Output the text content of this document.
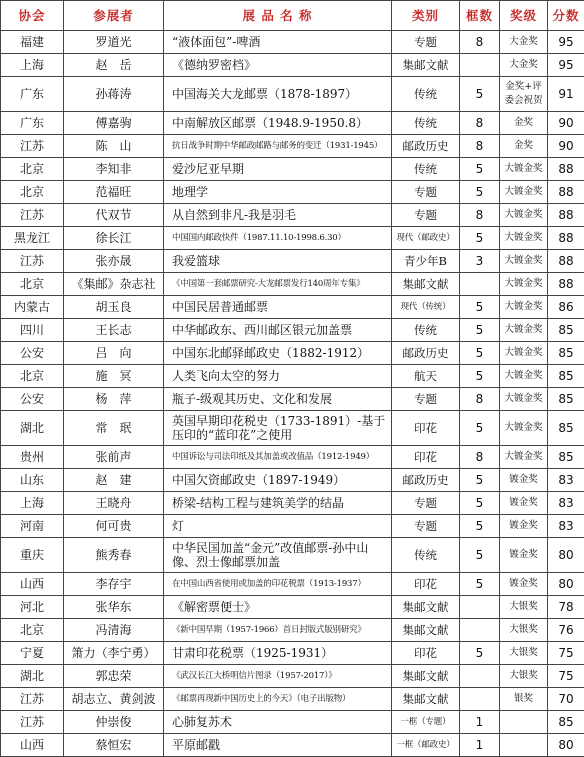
协会	参展者	展 品 名 称	类别	框数	奖级	分数
福建	罗道光	“液体面包”-啤酒	专题	8	大金奖	95
上海	赵　岳	《德纳罗密档》	集邮文献		大金奖	95
广东	孙蒋涛	中国海关大龙邮票（1878-1897）	传统	5	金奖+评委会祝贺	91
广东	傅嘉驹	中南解放区邮票（1948.9-1950.8）	传统	8	金奖	90
江苏	陈　山	抗日战争时期中华邮政邮路与邮务的变迁（1931-1945）	邮政历史	8	金奖	90
北京	李知非	爱沙尼亚早期	传统	5	大镀金奖	88
北京	范福旺	地理学	专题	5	大镀金奖	88
江苏	代双节	从自然到非凡-我是羽毛	专题	8	大镀金奖	88
黑龙江	徐长江	中国国内邮政快件（1987.11.10-1998.6.30）	现代（邮政史）	5	大镀金奖	88
江苏	张亦晟	我爱篮球	青少年B	3	大镀金奖	88
北京	《集邮》杂志社	《中国第一套邮票研究-大龙邮票发行140周年专集》	集邮文献		大镀金奖	88
内蒙古	胡玉良	中国民居普通邮票	现代（传统）	5	大镀金奖	86
四川	王长志	中华邮政东、西川邮区银元加盖票	传统	5	大镀金奖	85
公安	吕　向	中国东北邮驿邮政史（1882-1912）	邮政历史	5	大镀金奖	85
北京	施　冥	人类飞向太空的努力	航天	5	大镀金奖	85
公安	杨　萍	瓶子-级观其历史、文化和发展	专题	8	大镀金奖	85
湖北	常　珉	英国早期印花税史（1733-1891）-基于压印的“蓝印花”之使用	印花	5	大镀金奖	85
贵州	张前声	中国诉讼与司法印纸及其加盖或改值品（1912-1949）	印花	8	大镀金奖	85
山东	赵　建	中国欠资邮政史（1897-1949）	邮政历史	5	镀金奖	83
上海	王晓舟	桥梁-结构工程与建筑美学的结晶	专题	5	镀金奖	83
河南	何可贵	灯	专题	5	镀金奖	83
重庆	熊秀春	中华民国加盖“金元”改值邮票-孙中山像、烈士像邮票加盖	传统	5	镀金奖	80
山西	李存宇	在中国山西省使用或加盖的印花税票（1913-1937）	印花	5	镀金奖	80
河北	张华东	《解密票便士》	集邮文献		大银奖	78
北京	冯清海	《新中国早期（1957-1966）首日封版式版别研究》	集邮文献		大银奖	76
宁夏	箫力（李宁勇）	甘肃印花税票（1925-1931）	印花	5	大银奖	75
湖北	郭忠荣	《武汉长江大桥明信片图录（1957-2017）》	集邮文献		大银奖	75
江苏	胡志立、黄剑波	《邮票再现新中国历史上的今天》（电子出版物）	集邮文献		银奖	70
江苏	仲崇俊	心肺复苏术	一框（专题）	1		85
山西	蔡恒宏	平原邮戳	一框（邮政史）	1		80
